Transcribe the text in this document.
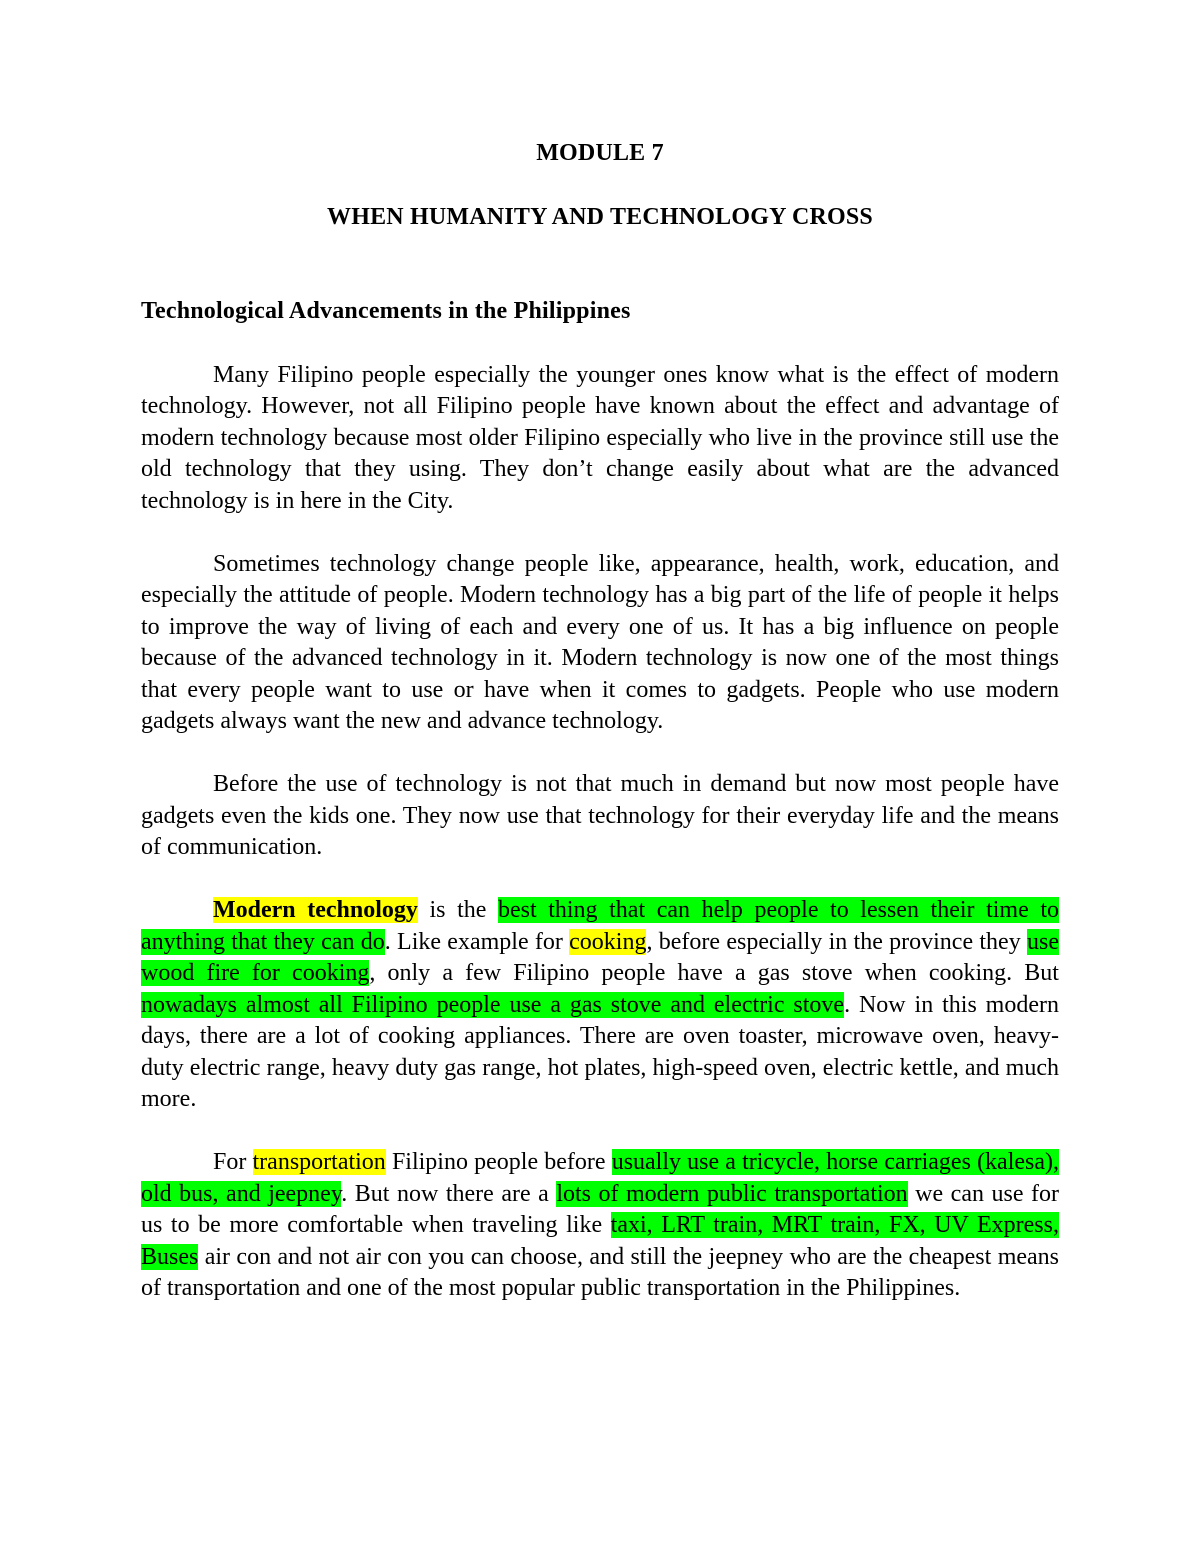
MODULE 7
WHEN HUMANITY AND TECHNOLOGY CROSS
Technological Advancements in the Philippines

Many Filipino people especially the younger ones know what is the effect of modern technology. However, not all Filipino people have known about the effect and advantage of modern technology because most older Filipino especially who live in the province still use the old technology that they using. They don’t change easily about what are the advanced technology is in here in the City.

Sometimes technology change people like, appearance, health, work, education, and especially the attitude of people. Modern technology has a big part of the life of people it helps to improve the way of living of each and every one of us. It has a big influence on people because of the advanced technology in it. Modern technology is now one of the most things that every people want to use or have when it comes to gadgets. People who use modern gadgets always want the new and advance technology.

Before the use of technology is not that much in demand but now most people have gadgets even the kids one. They now use that technology for their everyday life and the means of communication.

Modern technology is the best thing that can help people to lessen their time to anything that they can do. Like example for cooking, before especially in the province they use wood fire for cooking, only a few Filipino people have a gas stove when cooking. But nowadays almost all Filipino people use a gas stove and electric stove. Now in this modern days, there are a lot of cooking appliances. There are oven toaster, microwave oven, heavy-duty electric range, heavy duty gas range, hot plates, high-speed oven, electric kettle, and much more.

For transportation Filipino people before usually use a tricycle, horse carriages (kalesa), old bus, and jeepney. But now there are a lots of modern public transportation we can use for us to be more comfortable when traveling like taxi, LRT train, MRT train, FX, UV Express, Buses air con and not air con you can choose, and still the jeepney who are the cheapest means of transportation and one of the most popular public transportation in the Philippines.
